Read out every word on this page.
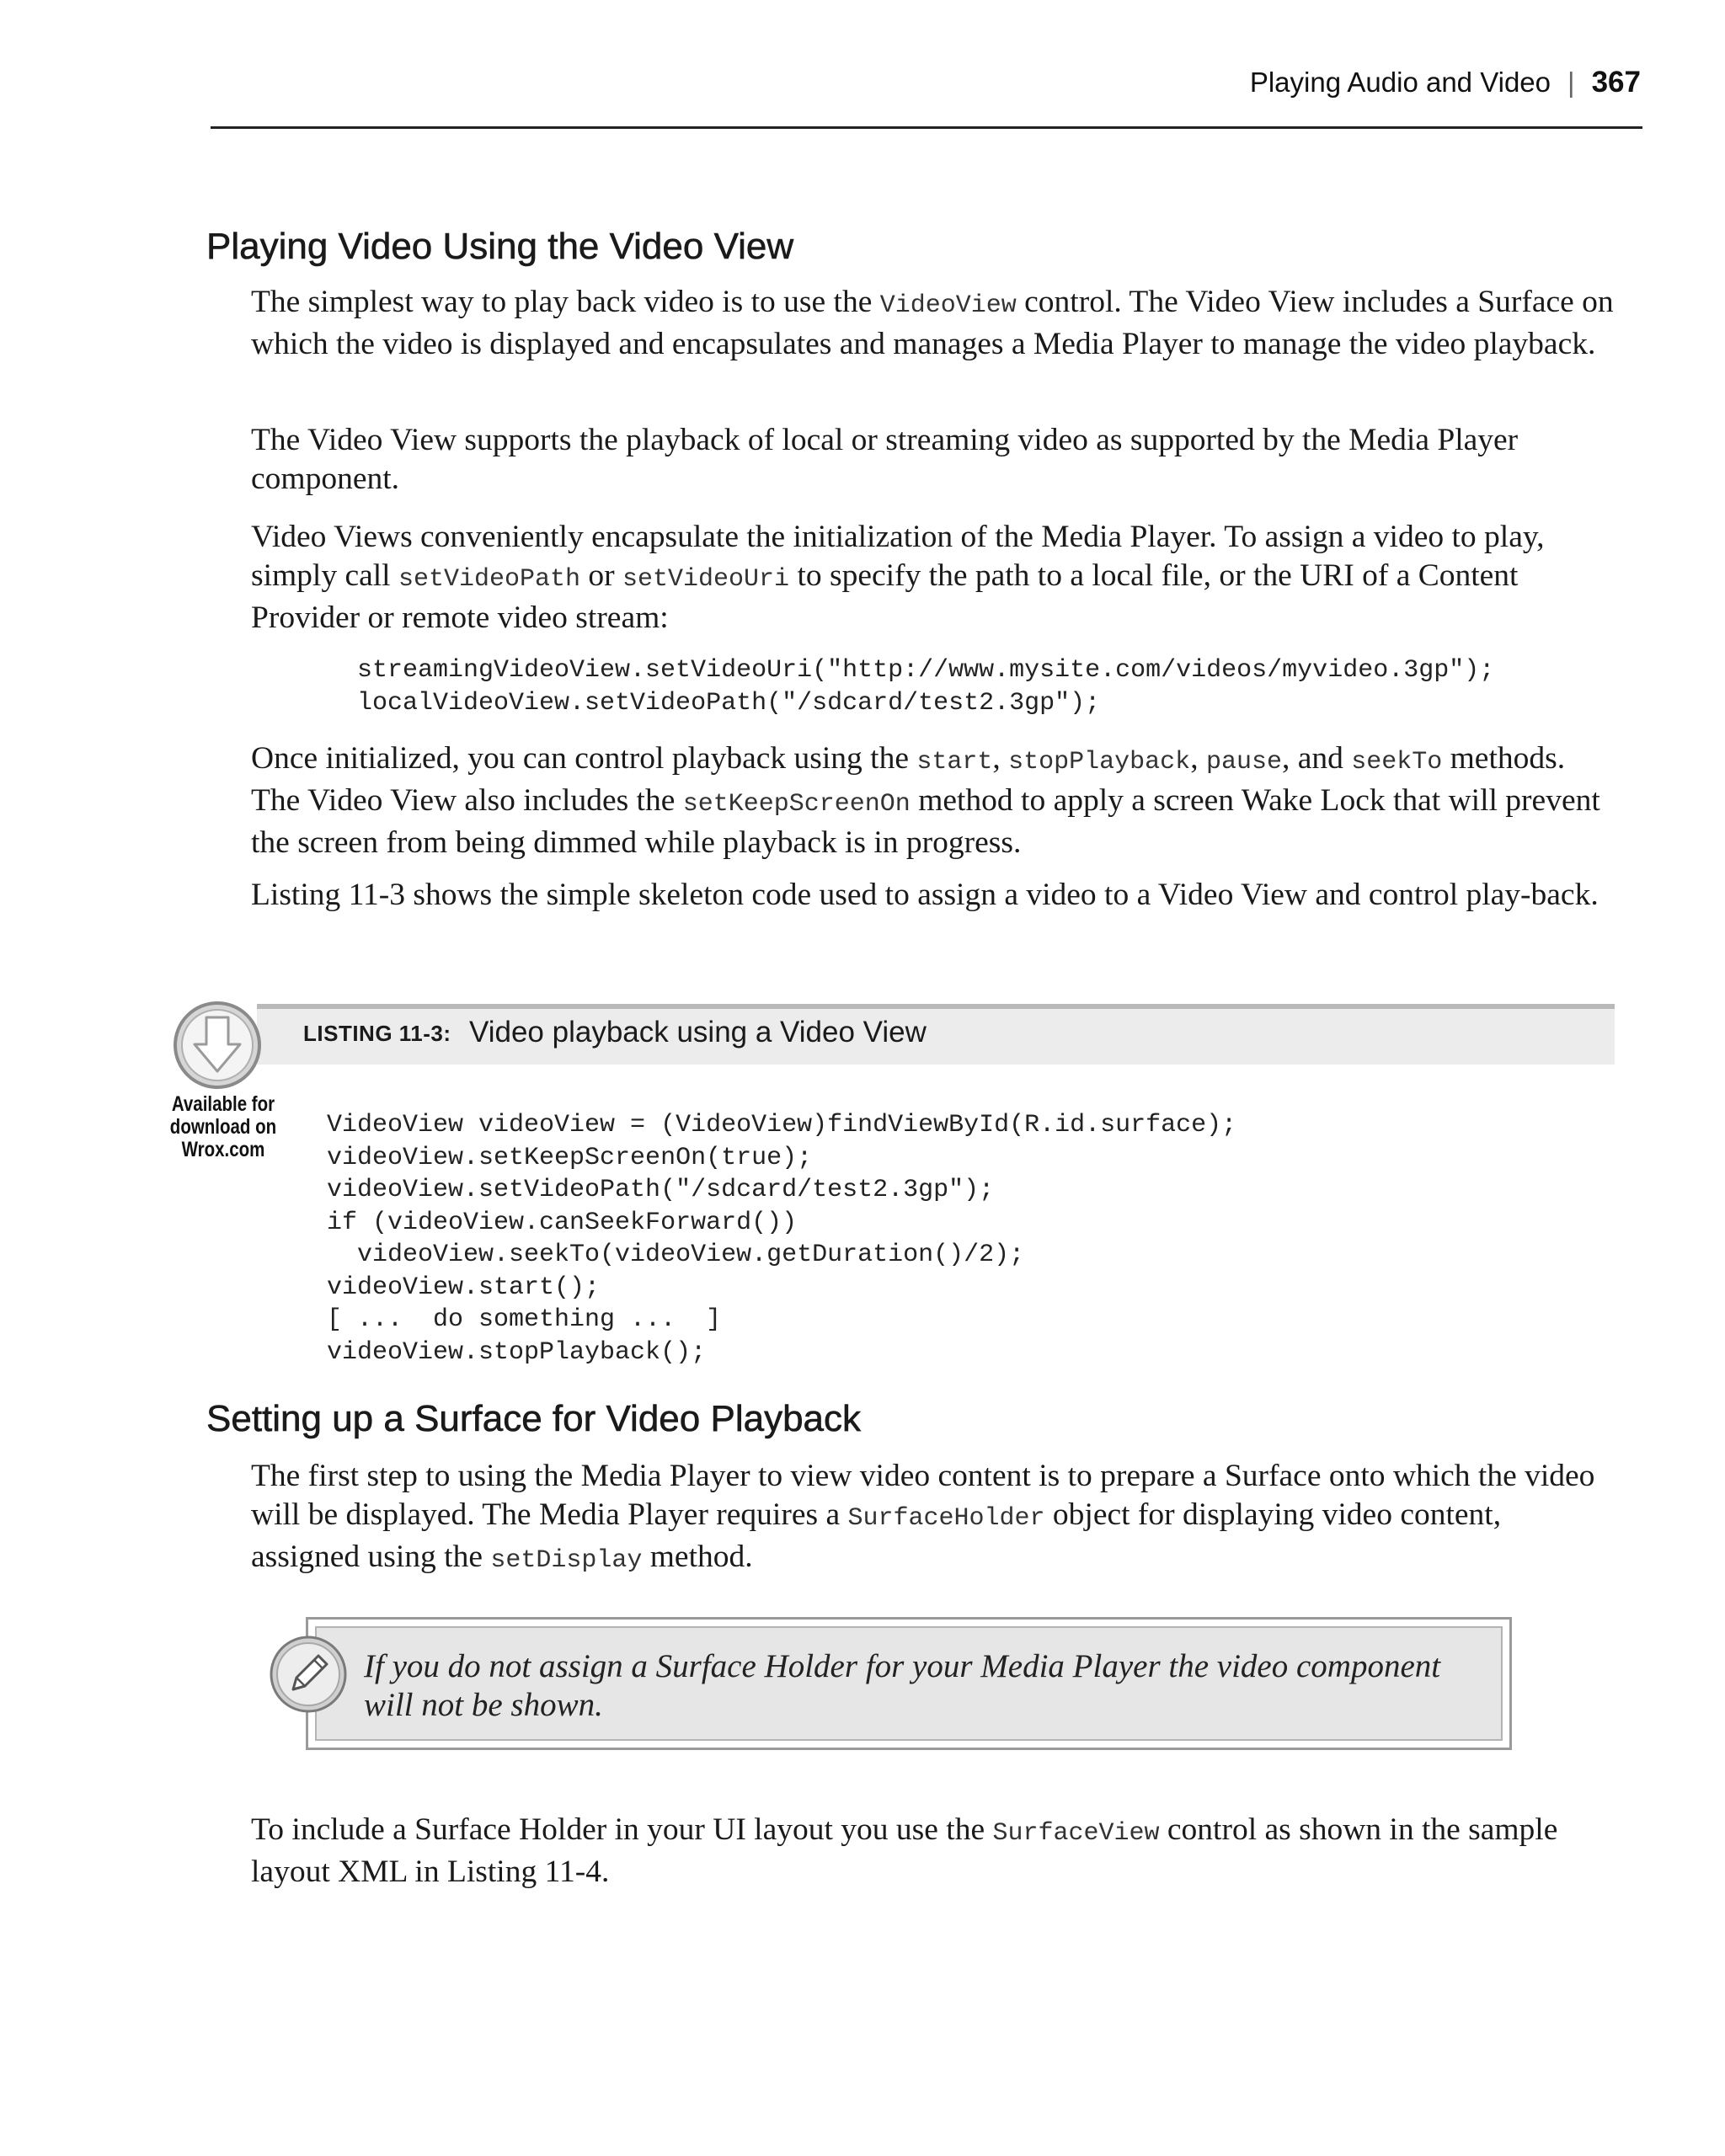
Playing Audio and Video | 367
Playing Video Using the Video View

The simplest way to play back video is to use the VideoView control. The Video View includes a Surface on which the video is displayed and encapsulates and manages a Media Player to manage the video playback.

The Video View supports the playback of local or streaming video as supported by the Media Player component.

Video Views conveniently encapsulate the initialization of the Media Player. To assign a video to play, simply call setVideoPath or setVideoUri to specify the path to a local file, or the URI of a Content Provider or remote video stream:

streamingVideoView.setVideoUri("http://www.mysite.com/videos/myvideo.3gp");
localVideoView.setVideoPath("/sdcard/test2.3gp");

Once initialized, you can control playback using the start, stopPlayback, pause, and seekTo methods. The Video View also includes the setKeepScreenOn method to apply a screen Wake Lock that will prevent the screen from being dimmed while playback is in progress.

Listing 11-3 shows the simple skeleton code used to assign a video to a Video View and control play-back.

LISTING 11-3: Video playback using a Video View
Available for
download on
Wrox.com
VideoView videoView = (VideoView)findViewById(R.id.surface);
videoView.setKeepScreenOn(true);
videoView.setVideoPath("/sdcard/test2.3gp");
if (videoView.canSeekForward())
videoView.seekTo(videoView.getDuration()/2);
videoView.start();
[ ...  do something ...  ]
videoView.stopPlayback();
Setting up a Surface for Video Playback

The first step to using the Media Player to view video content is to prepare a Surface onto which the video will be displayed. The Media Player requires a SurfaceHolder object for displaying video content, assigned using the setDisplay method.

If you do not assign a Surface Holder for your Media Player the video component will not be shown.

To include a Surface Holder in your UI layout you use the SurfaceView control as shown in the sample layout XML in Listing 11-4.
